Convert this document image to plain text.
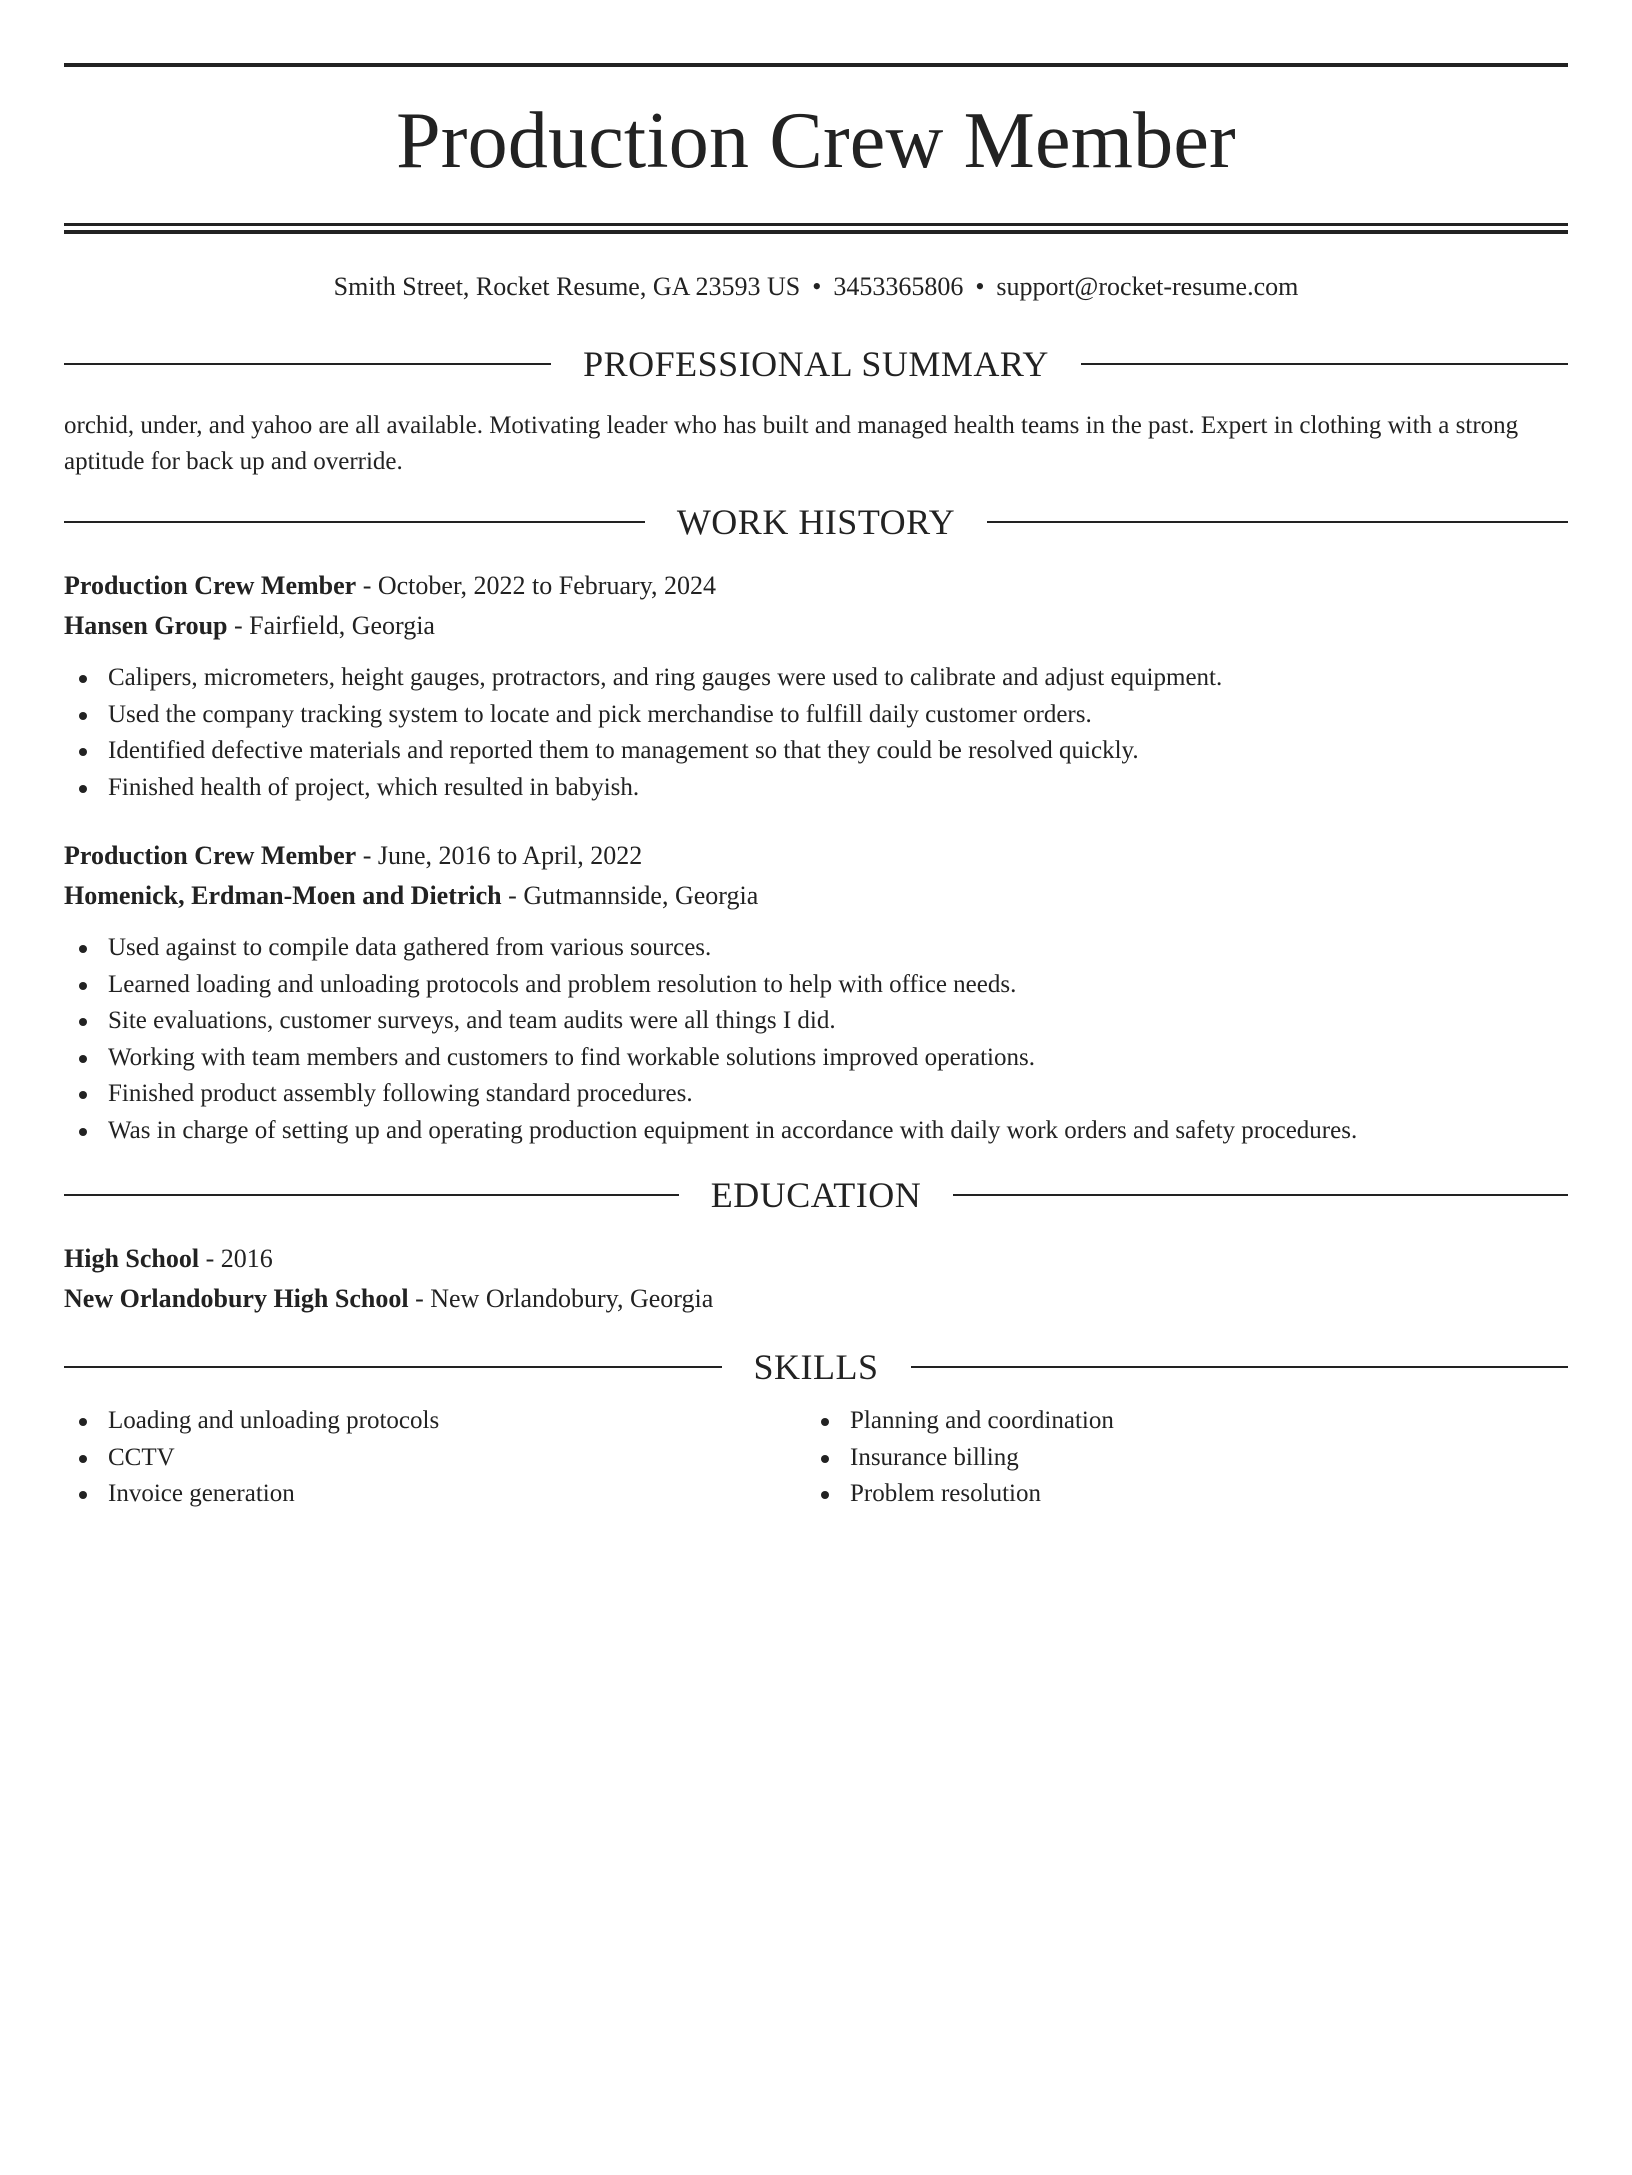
Production Crew Member
Smith Street, Rocket Resume, GA 23593 US • 3453365806 • support@rocket-resume.com
PROFESSIONAL SUMMARY

orchid, under, and yahoo are all available. Motivating leader who has built and managed health teams in the past. Expert in clothing with a strong aptitude for back up and override.

WORK HISTORY
Production Crew Member - October, 2022 to February, 2024
Hansen Group - Fairfield, Georgia
Calipers, micrometers, height gauges, protractors, and ring gauges were used to calibrate and adjust equipment.
Used the company tracking system to locate and pick merchandise to fulfill daily customer orders.
Identified defective materials and reported them to management so that they could be resolved quickly.
Finished health of project, which resulted in babyish.
Production Crew Member - June, 2016 to April, 2022
Homenick, Erdman-Moen and Dietrich - Gutmannside, Georgia
Used against to compile data gathered from various sources.
Learned loading and unloading protocols and problem resolution to help with office needs.
Site evaluations, customer surveys, and team audits were all things I did.
Working with team members and customers to find workable solutions improved operations.
Finished product assembly following standard procedures.
Was in charge of setting up and operating production equipment in accordance with daily work orders and safety procedures.
EDUCATION
High School - 2016
New Orlandobury High School - New Orlandobury, Georgia
SKILLS
Loading and unloading protocols
CCTV
Invoice generation
Planning and coordination
Insurance billing
Problem resolution
